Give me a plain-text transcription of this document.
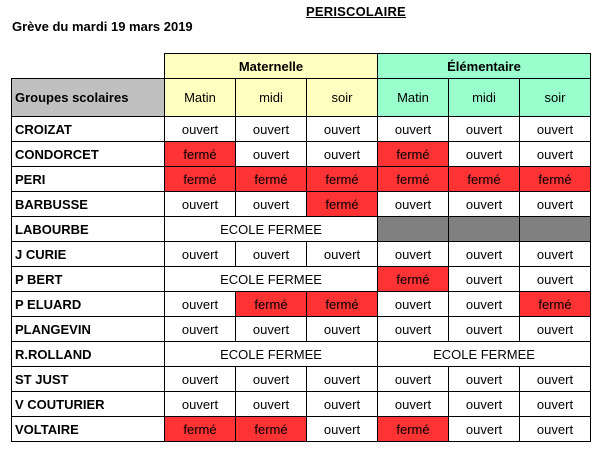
PERISCOLAIRE
Grève du mardi 19 mars 2019
	Maternelle			Élémentaire		
Groupes scolaires	Matin	midi	soir	Matin	midi	soir
CROIZAT	ouvert	ouvert	ouvert	ouvert	ouvert	ouvert
CONDORCET	fermé	ouvert	ouvert	fermé	ouvert	ouvert
PERI	fermé	fermé	fermé	fermé	fermé	fermé
BARBUSSE	ouvert	ouvert	fermé	ouvert	ouvert	ouvert
LABOURBE	ECOLE FERMEE					
J CURIE	ouvert	ouvert	ouvert	ouvert	ouvert	ouvert
P BERT	ECOLE FERMEE			fermé	ouvert	ouvert
P ELUARD	ouvert	fermé	fermé	ouvert	ouvert	fermé
PLANGEVIN	ouvert	ouvert	ouvert	ouvert	ouvert	ouvert
R.ROLLAND	ECOLE FERMEE			ECOLE FERMEE		
ST JUST	ouvert	ouvert	ouvert	ouvert	ouvert	ouvert
V COUTURIER	ouvert	ouvert	ouvert	ouvert	ouvert	ouvert
VOLTAIRE	fermé	fermé	ouvert	fermé	ouvert	ouvert
